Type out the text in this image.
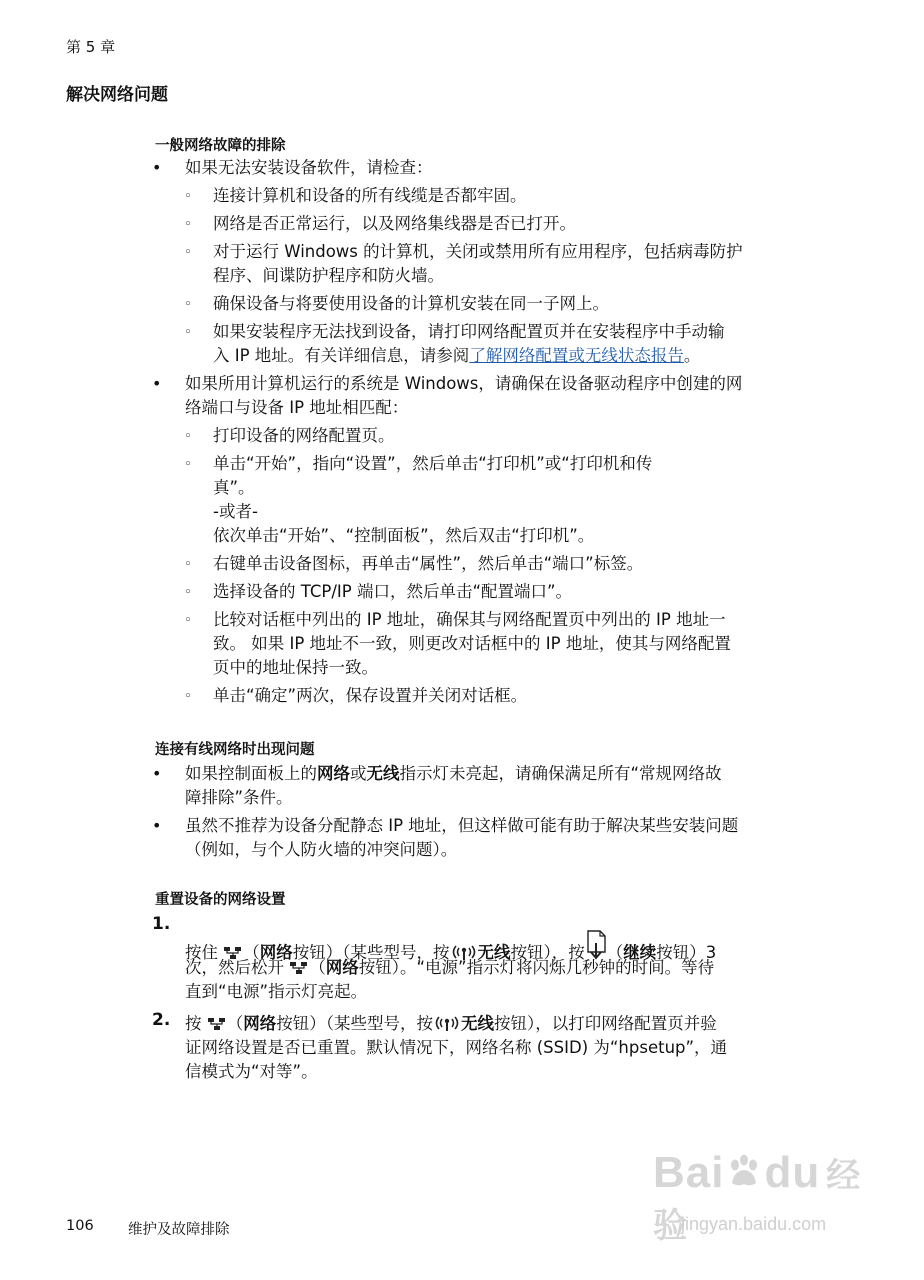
第 5 章
解决网络问题
一般网络故障的排除
• 如果无法安装设备软件，请检查：
◦ 连接计算机和设备的所有线缆是否都牢固。
◦ 网络是否正常运行，以及网络集线器是否已打开。
◦ 对于运行 Windows 的计算机，关闭或禁用所有应用程序，包括病毒防护
程序、间谍防护程序和防火墙。
◦ 确保设备与将要使用设备的计算机安装在同一子网上。
◦ 如果安装程序无法找到设备，请打印网络配置页并在安装程序中手动输
入 IP 地址。有关详细信息，请参阅了解网络配置或无线状态报告。
• 如果所用计算机运行的系统是 Windows，请确保在设备驱动程序中创建的网
络端口与设备 IP 地址相匹配：
◦ 打印设备的网络配置页。
◦ 单击“开始”，指向“设置”，然后单击“打印机”或“打印机和传
真”。
-或者-
依次单击“开始”、“控制面板”，然后双击“打印机”。
◦ 右键单击设备图标，再单击“属性”，然后单击“端口”标签。
◦ 选择设备的 TCP/IP 端口，然后单击“配置端口”。
◦ 比较对话框中列出的 IP 地址，确保其与网络配置页中列出的 IP 地址一
致。 如果 IP 地址不一致，则更改对话框中的 IP 地址，使其与网络配置
页中的地址保持一致。
◦ 单击“确定”两次，保存设置并关闭对话框。
连接有线网络时出现问题
• 如果控制面板上的网络或无线指示灯未亮起，请确保满足所有“常规网络故
障排除”条件。
• 虽然不推荐为设备分配静态 IP 地址，但这样做可能有助于解决某些安装问题
（例如，与个人防火墙的冲突问题）。
重置设备的网络设置
1.
按住 （网络按钮）（某些型号，按 无线按钮），按 （继续按钮）3
次，然后松开 （网络按钮）。“电源”指示灯将闪烁几秒钟的时间。等待
直到“电源”指示灯亮起。
2. 按 （网络按钮）（某些型号，按 无线按钮），以打印网络配置页并验
证网络设置是否已重置。默认情况下，网络名称 (SSID) 为“hpsetup”，通
信模式为“对等”。
106 维护及故障排除
Bai du 经验
jingyan.baidu.com
